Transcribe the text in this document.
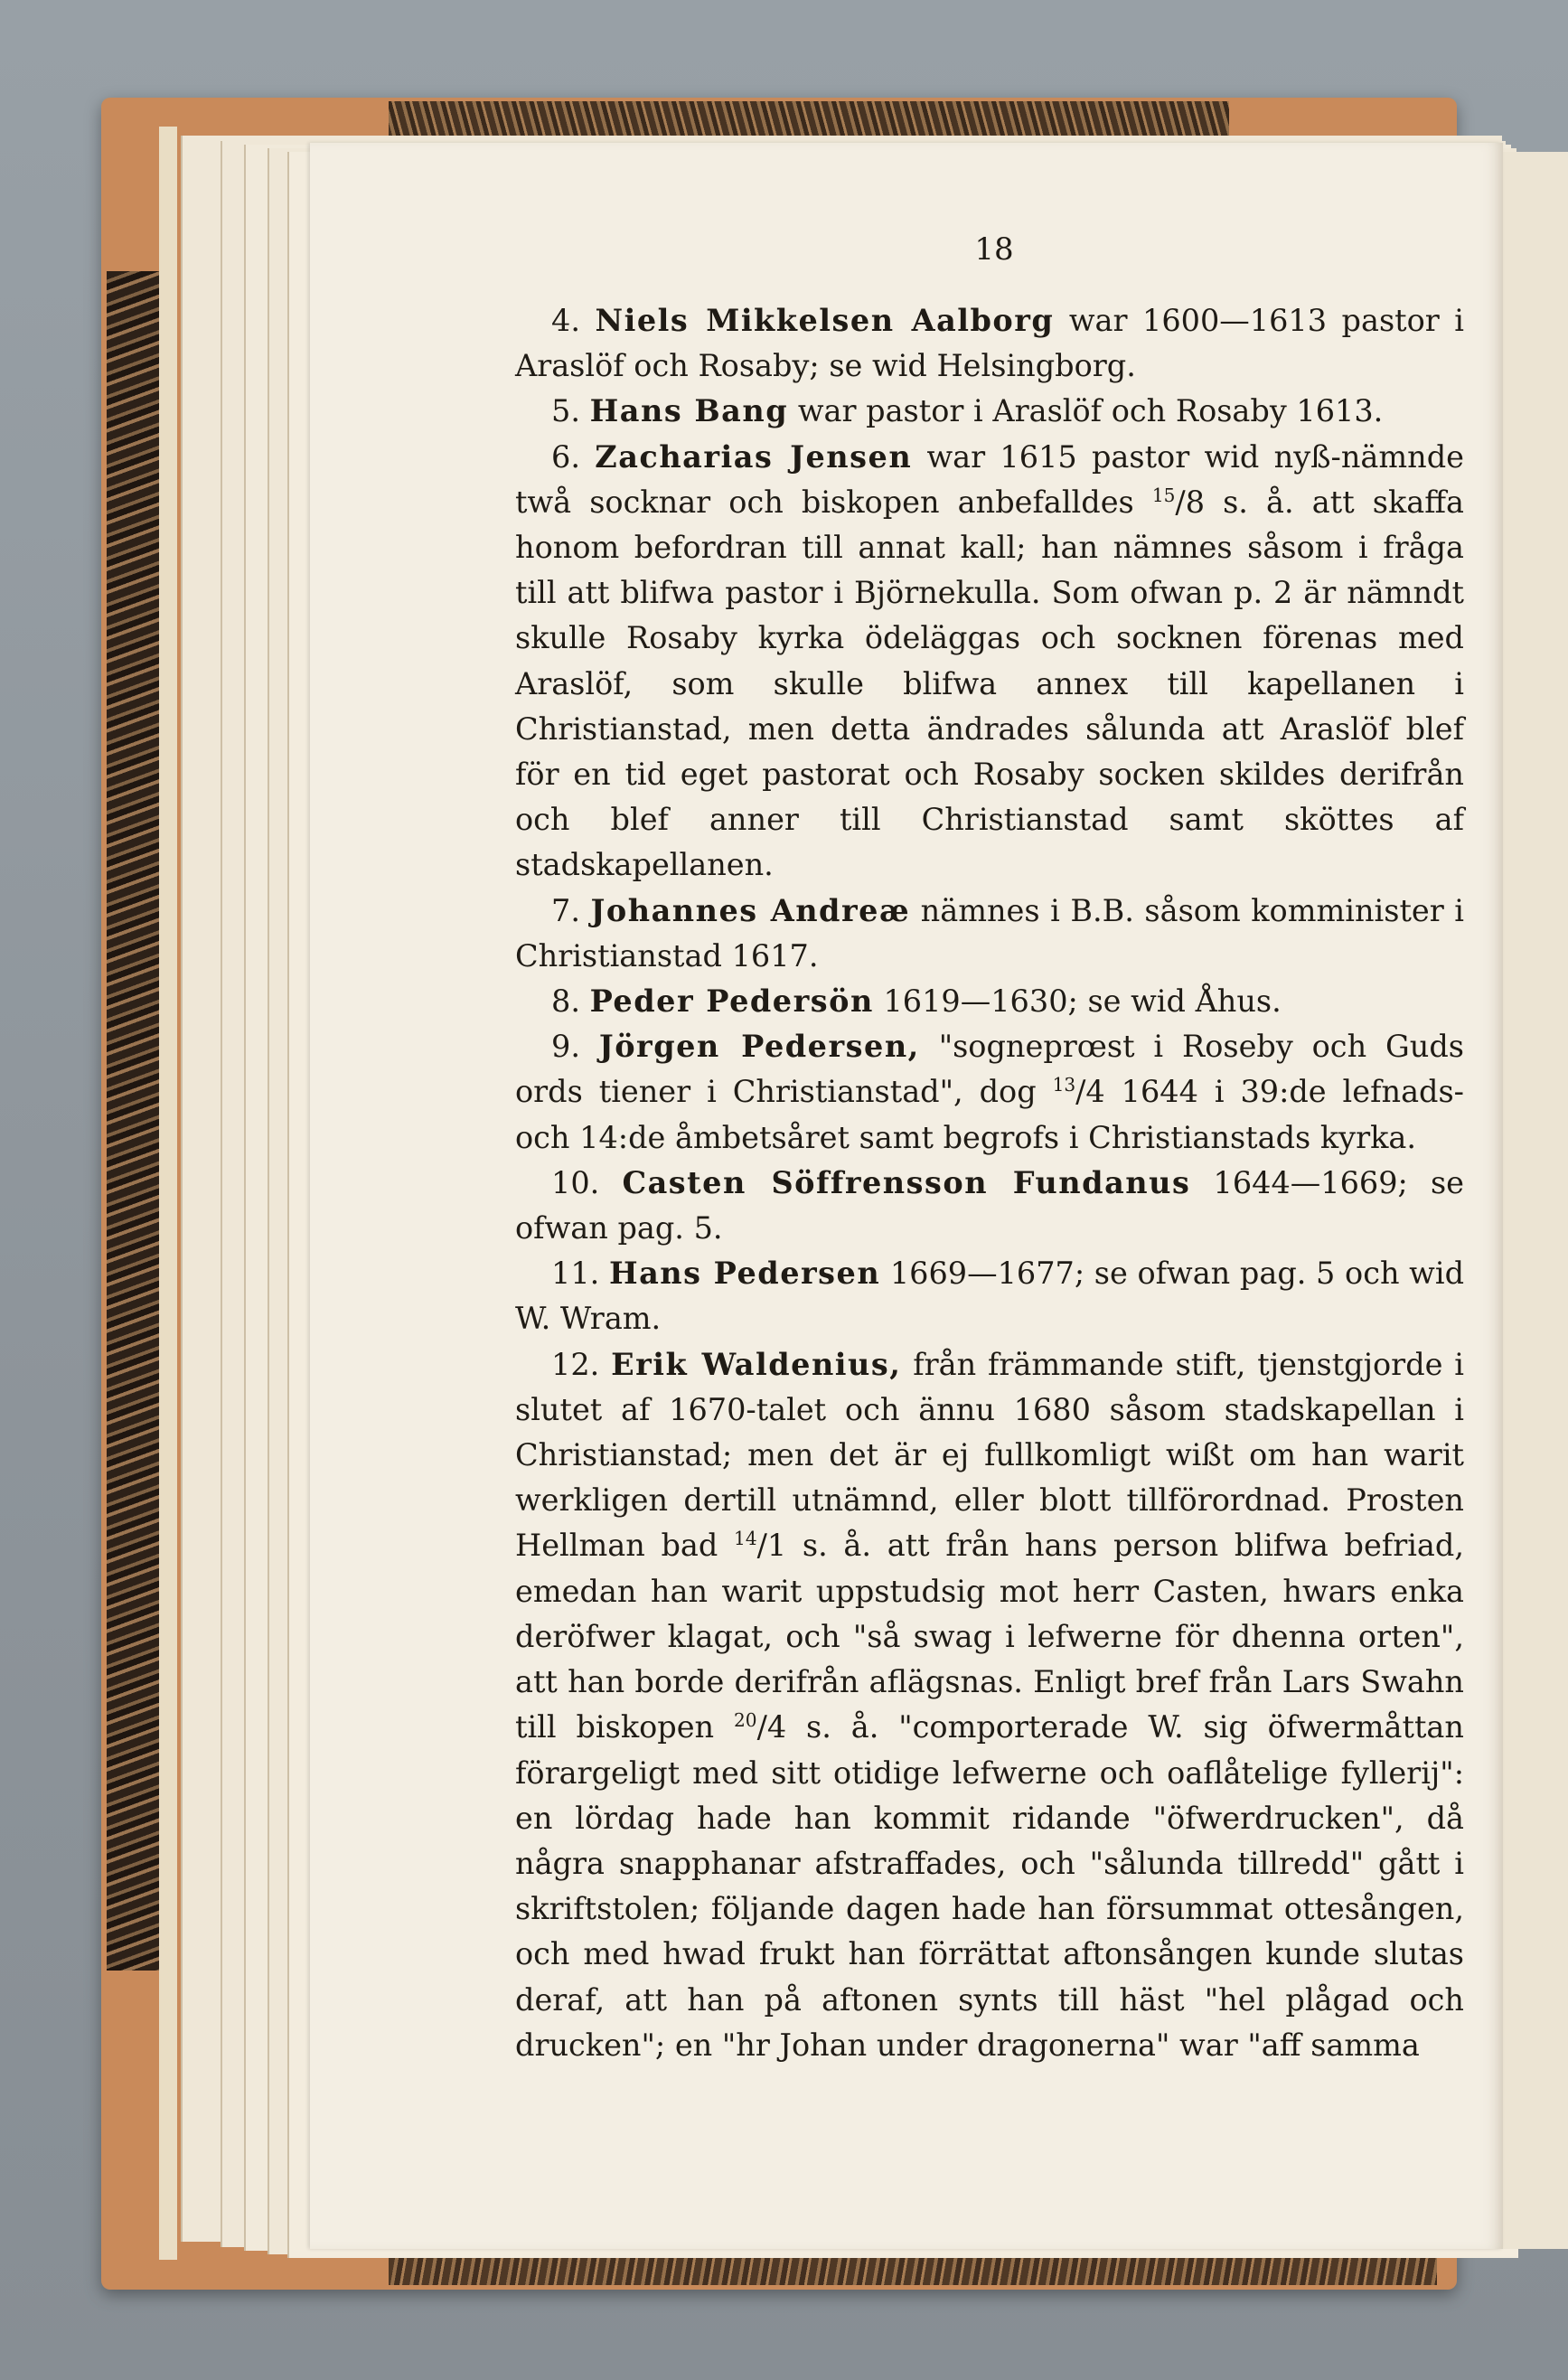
18

4. Niels Mikkelsen Aalborg war 1600—1613 pastor i Araslöf och Rosaby; se wid Helsingborg.

5. Hans Bang war pastor i Araslöf och Rosaby 1613.

6. Zacharias Jensen war 1615 pastor wid nyß-nämnde twå socknar och biskopen anbefalldes $^{15}$/8 s. å. att skaffa honom befordran till annat kall; han nämnes såsom i fråga till att blifwa pastor i Björnekulla. Som ofwan p. 2 är nämndt skulle Rosaby kyrka ödeläggas och socknen förenas med Araslöf, som skulle blifwa annex till kapellanen i Christianstad, men detta ändrades sålunda att Araslöf blef för en tid eget pastorat och Rosaby socken skildes derifrån och blef anner till Christianstad samt sköttes af stadskapellanen.

7. Johannes Andreæ nämnes i B.B. såsom komminister i Christianstad 1617.

8. Peder Pedersön 1619—1630; se wid Åhus.

9. Jörgen Pedersen, "sogneprœst i Roseby och Guds ords tiener i Christianstad", dog $^{13}$/4 1644 i 39:de lefnads- och 14:de åmbetsåret samt begrofs i Christianstads kyrka.

10. Casten Söffrensson Fundanus 1644—1669; se ofwan pag. 5.

11. Hans Pedersen 1669—1677; se ofwan pag. 5 och wid W. Wram.

12. Erik Waldenius, från främmande stift, tjenstgjorde i slutet af 1670-talet och ännu 1680 såsom stadskapellan i Christianstad; men det är ej fullkomligt wißt om han warit werkligen dertill utnämnd, eller blott tillförordnad. Prosten Hellman bad $^{14}$/1 s. å. att från hans person blifwa befriad, emedan han warit uppstudsig mot herr Casten, hwars enka deröfwer klagat, och "så swag i lefwerne för dhenna orten", att han borde derifrån aflägsnas. Enligt bref från Lars Swahn till biskopen $^{20}$/4 s. å. "comporterade W. sig öfwermåttan förargeligt med sitt otidige lefwerne och oaflåtelige fyllerij": en lördag hade han kommit ridande "öfwerdrucken", då några snapphanar afstraffades, och "sålunda tillredd" gått i skriftstolen; följande dagen hade han försummat ottesången, och med hwad frukt han förrättat aftonsången kunde slutas deraf, att han på aftonen synts till häst "hel plågad och drucken"; en "hr Johan under dragonerna" war "aff samma
